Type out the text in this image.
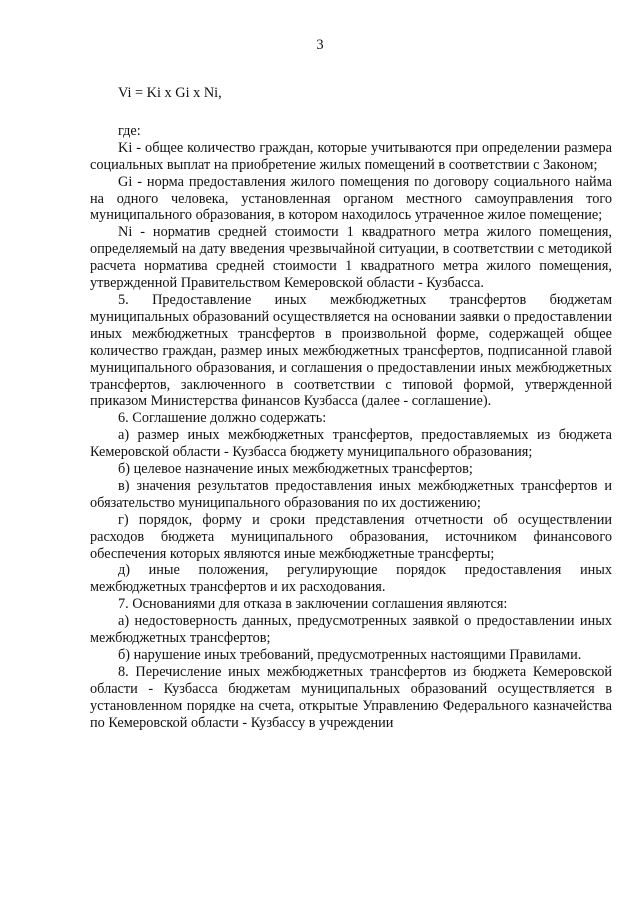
3
Vi = Ki x Gi x Ni,
где:

Ki - общее количество граждан, которые учитываются при определении размера социальных выплат на приобретение жилых помещений в соответствии с Законом;

Gi - норма предоставления жилого помещения по договору социального найма на одного человека, установленная органом местного самоуправления того муниципального образования, в котором находилось утраченное жилое помещение;

Ni - норматив средней стоимости 1 квадратного метра жилого помещения, определяемый на дату введения чрезвычайной ситуации, в соответствии с методикой расчета норматива средней стоимости 1 квадратного метра жилого помещения, утвержденной Правительством Кемеровской области - Кузбасса.

5. Предоставление иных межбюджетных трансфертов бюджетам муниципальных образований осуществляется на основании заявки о предоставлении иных межбюджетных трансфертов в произвольной форме, содержащей общее количество граждан, размер иных межбюджетных трансфертов, подписанной главой муниципального образования, и соглашения о предоставлении иных межбюджетных трансфертов, заключенного в соответствии с типовой формой, утвержденной приказом Министерства финансов Кузбасса (далее - соглашение).

6. Соглашение должно содержать:

а) размер иных межбюджетных трансфертов, предоставляемых из бюджета Кемеровской области - Кузбасса бюджету муниципального образования;

б) целевое назначение иных межбюджетных трансфертов;

в) значения результатов предоставления иных межбюджетных трансфертов и обязательство муниципального образования по их достижению;

г) порядок, форму и сроки представления отчетности об осуществлении расходов бюджета муниципального образования, источником финансового обеспечения которых являются иные межбюджетные трансферты;

д) иные положения, регулирующие порядок предоставления иных межбюджетных трансфертов и их расходования.

7. Основаниями для отказа в заключении соглашения являются:

а) недостоверность данных, предусмотренных заявкой о предоставлении иных межбюджетных трансфертов;

б) нарушение иных требований, предусмотренных настоящими Правилами.

8. Перечисление иных межбюджетных трансфертов из бюджета Кемеровской области - Кузбасса бюджетам муниципальных образований осуществляется в установленном порядке на счета, открытые Управлению Федерального казначейства по Кемеровской области - Кузбассу в учреждении
